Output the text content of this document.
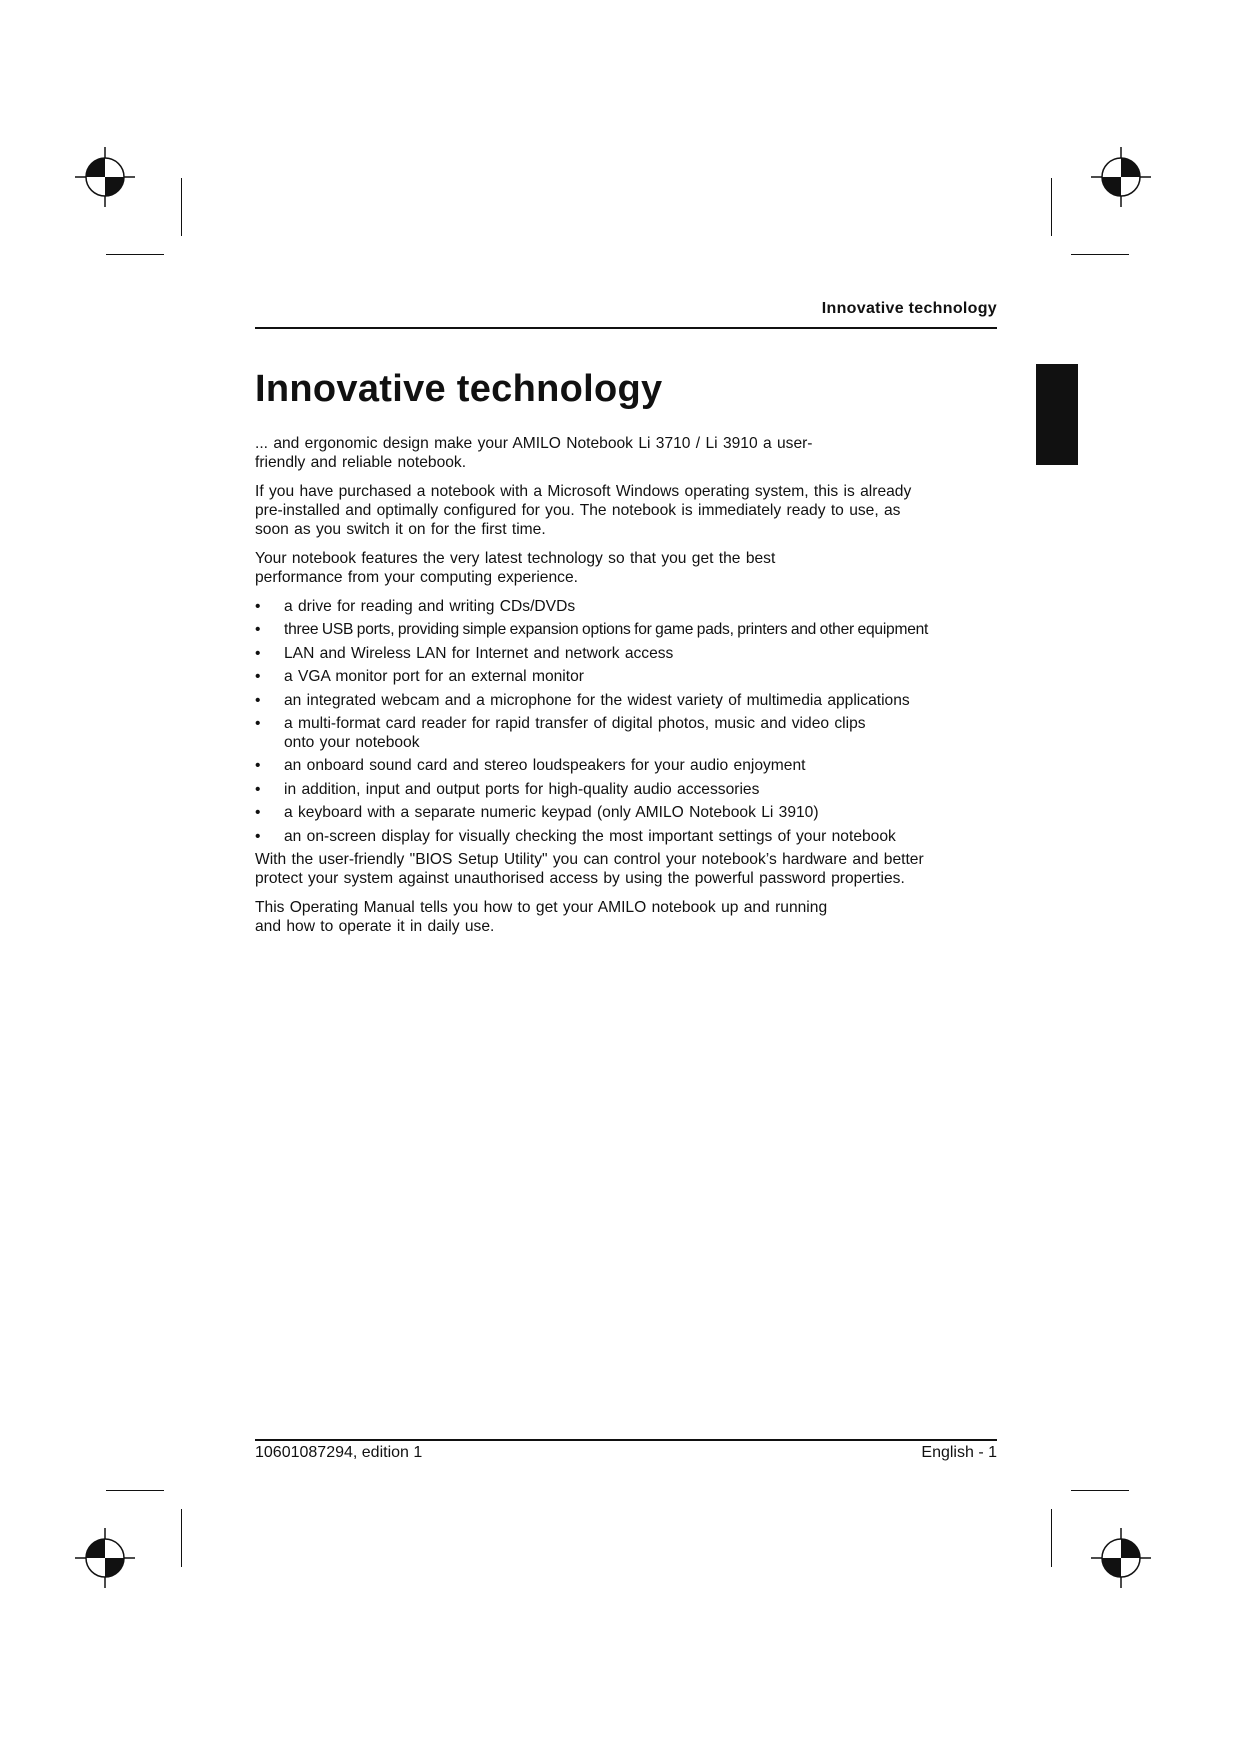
Innovative technology
Innovative technology

... and ergonomic design make your AMILO Notebook Li 3710 / Li 3910 a user-friendly and reliable notebook.

If you have purchased a notebook with a Microsoft Windows operating system, this is already pre-installed and optimally configured for you. The notebook is immediately ready to use, as soon as you switch it on for the first time.

Your notebook features the very latest technology so that you get the best performance from your computing experience.

• a drive for reading and writing CDs/DVDs
• three USB ports, providing simple expansion options for game pads, printers and other equipment
• LAN and Wireless LAN for Internet and network access
• a VGA monitor port for an external monitor
• an integrated webcam and a microphone for the widest variety of multimedia applications
• a multi-format card reader for rapid transfer of digital photos, music and video clips onto your notebook
• an onboard sound card and stereo loudspeakers for your audio enjoyment
• in addition, input and output ports for high-quality audio accessories
• a keyboard with a separate numeric keypad (only AMILO Notebook Li 3910)
• an on-screen display for visually checking the most important settings of your notebook

With the user-friendly "BIOS Setup Utility" you can control your notebook’s hardware and better protect your system against unauthorised access by using the powerful password properties.

This Operating Manual tells you how to get your AMILO notebook up and running and how to operate it in daily use.

10601087294, edition 1	English - 1
